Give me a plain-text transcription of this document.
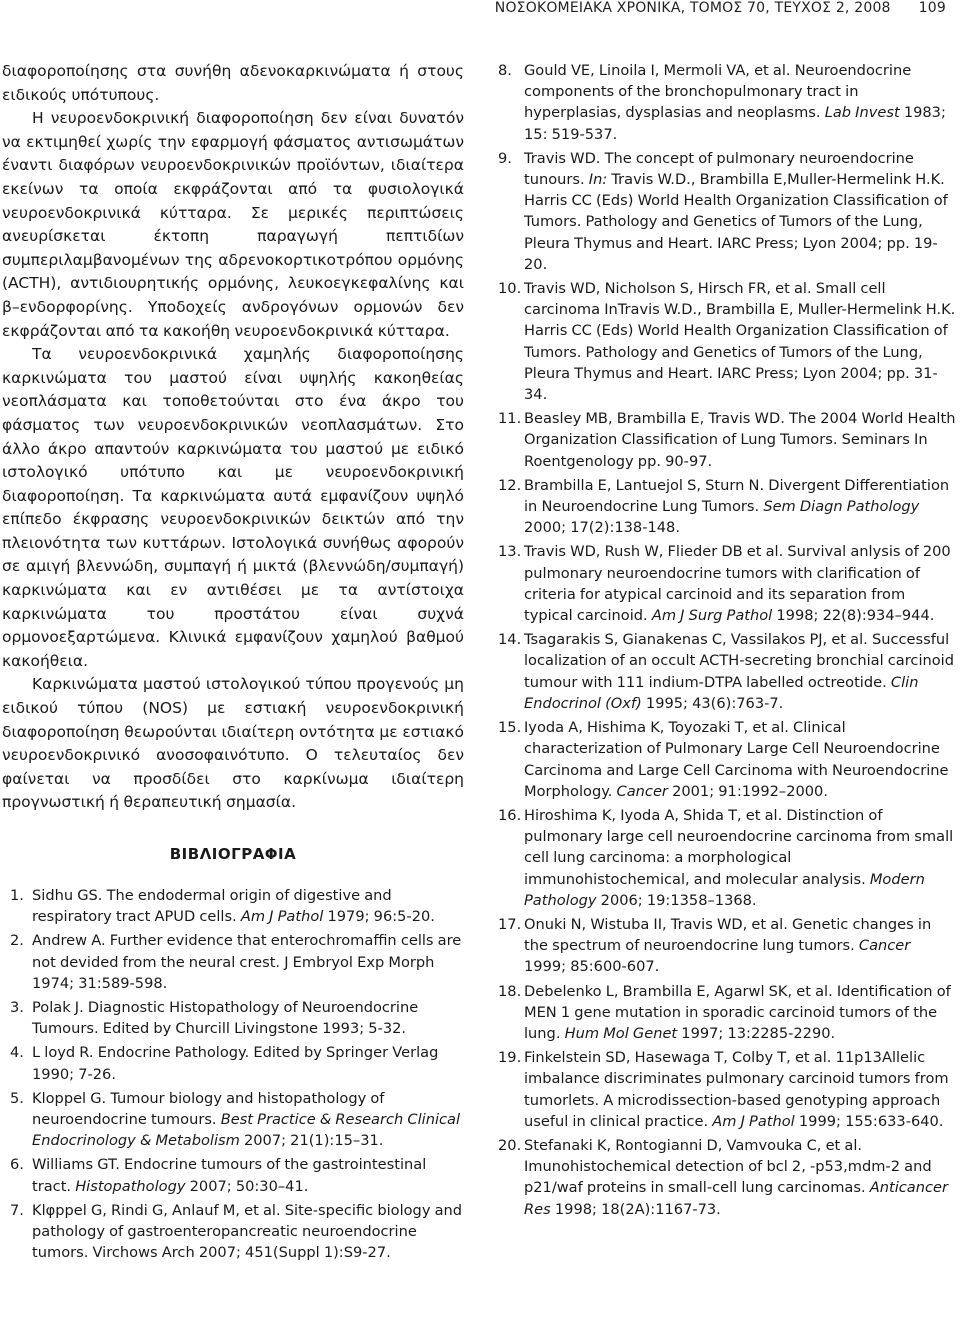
ΝΟΣΟΚΟΜΕΙΑΚΑ ΧΡΟΝΙΚΑ, ΤΟΜΟΣ 70, ΤΕΥΧΟΣ 2, 2008 109

διαφοροποίησης στα συνήθη αδενοκαρκινώματα ή στους ειδικούς υπότυπους.

Η νευροενδοκρινική διαφοροποίηση δεν είναι δυνατόν να εκτιμηθεί χωρίς την εφαρμογή φάσματος αντισωμάτων έναντι διαφόρων νευροενδοκρινικών προϊόντων, ιδιαίτερα εκείνων τα οποία εκφράζονται από τα φυσιολογικά νευροενδοκρινικά κύτταρα. Σε μερικές περιπτώσεις ανευρίσκεται έκτοπη παραγωγή πεπτιδίων συμπεριλαμβανομένων της αδρενοκορτικοτρόπου ορμόνης (ACTH), αντιδιουρητικής ορμόνης, λευκοεγκεφαλίνης και β–ενδορφορίνης. Υποδοχείς ανδρογόνων ορμονών δεν εκφράζονται από τα κακοήθη νευροενδοκρινικά κύτταρα.

Τα νευροενδοκρινικά χαμηλής διαφοροποίησης καρκινώματα του μαστού είναι υψηλής κακοηθείας νεοπλάσματα και τοποθετούνται στο ένα άκρο του φάσματος των νευροενδοκρινικών νεοπλασμάτων. Στο άλλο άκρο απαντούν καρκινώματα του μαστού με ειδικό ιστολογικό υπότυπο και με νευροενδοκρινική διαφοροποίηση. Τα καρκινώματα αυτά εμφανίζουν υψηλό επίπεδο έκφρασης νευροενδοκρινικών δεικτών από την πλειονότητα των κυττάρων. Ιστολογικά συνήθως αφορούν σε αμιγή βλεννώδη, συμπαγή ή μικτά (βλεννώδη/συμπαγή) καρκινώματα και εν αντιθέσει με τα αντίστοιχα καρκινώματα του προστάτου είναι συχνά ορμονοεξαρτώμενα. Κλινικά εμφανίζουν χαμηλού βαθμού κακοήθεια.

Καρκινώματα μαστού ιστολογικού τύπου προγενούς μη ειδικού τύπου (NOS) με εστιακή νευροενδοκρινική διαφοροποίηση θεωρούνται ιδιαίτερη οντότητα με εστιακό νευροενδοκρινικό ανοσοφαινότυπο. Ο τελευταίος δεν φαίνεται να προσδίδει στο καρκίνωμα ιδιαίτερη προγνωστική ή θεραπευτική σημασία.

ΒΙΒΛΙΟΓΡΑΦΙΑ
1. Sidhu GS. The endodermal origin of digestive and respiratory tract APUD cells. Am J Pathol 1979; 96:5-20.
2. Andrew A. Further evidence that enterochromaffin cells are not devided from the neural crest. J Embryol Exp Morph 1974; 31:589-598.
3. Polak J. Diagnostic Histopathology of Neuroendocrine Tumours. Edited by Churcill Livingstone 1993; 5-32.
4. L loyd R. Endocrine Pathology. Edited by Springer Verlag 1990; 7-26.
5. Kloppel G. Tumour biology and histopathology of neuroendocrine tumours. Best Practice & Research Clinical Endocrinology & Metabolism 2007; 21(1):15–31.
6. Williams GT. Endocrine tumours of the gastrointestinal tract. Histopathology 2007; 50:30–41.
7. Klφppel G, Rindi G, Anlauf M, et al. Site-specific biology and pathology of gastroenteropancreatic neuroendocrine tumors. Virchows Arch 2007; 451(Suppl 1):S9-27.
8. Gould VE, Linoila I, Mermoli VA, et al. Neuroendocrine components of the bronchopulmonary tract in hyperplasias, dysplasias and neoplasms. Lab Invest 1983; 15: 519-537.
9. Travis WD. The concept of pulmonary neuroendocrine tunours. In: Travis W.D., Brambilla E,Muller-Hermelink H.K. Harris CC (Eds) World Health Organization Classification of Tumors. Pathology and Genetics of Tumors of the Lung, Pleura Thymus and Heart. IARC Press; Lyon 2004; pp. 19-20.
10. Travis WD, Nicholson S, Hirsch FR, et al. Small cell carcinoma InTravis W.D., Brambilla E, Muller-Hermelink H.K. Harris CC (Eds) World Health Organization Classification of Tumors. Pathology and Genetics of Tumors of the Lung, Pleura Thymus and Heart. IARC Press; Lyon 2004; pp. 31-34.
11. Beasley MB, Brambilla E, Travis WD. The 2004 World Health Organization Classification of Lung Tumors. Seminars In Roentgenology pp. 90-97.
12. Brambilla E, Lantuejol S, Sturn N. Divergent Differentiation in Neuroendocrine Lung Tumors. Sem Diagn Pathology 2000; 17(2):138-148.
13. Travis WD, Rush W, Flieder DB et al. Survival anlysis of 200 pulmonary neuroendocrine tumors with clarification of criteria for atypical carcinoid and its separation from typical carcinoid. Am J Surg Pathol 1998; 22(8):934–944.
14. Tsagarakis S, Gianakenas C, Vassilakos PJ, et al. Successful localization of an occult ACTH-secreting bronchial carcinoid tumour with 111 indium-DTPA labelled octreotide. Clin Endocrinol (Oxf) 1995; 43(6):763-7.
15. Iyoda A, Hishima K, Toyozaki T, et al. Clinical characterization of Pulmonary Large Cell Neuroendocrine Carcinoma and Large Cell Carcinoma with Neuroendocrine Morphology. Cancer 2001; 91:1992–2000.
16. Hiroshima K, Iyoda A, Shida T, et al. Distinction of pulmonary large cell neuroendocrine carcinoma from small cell lung carcinoma: a morphological immunohistochemical, and molecular analysis. Modern Pathology 2006; 19:1358–1368.
17. Onuki N, Wistuba II, Travis WD, et al. Genetic changes in the spectrum of neuroendocrine lung tumors. Cancer 1999; 85:600-607.
18. Debelenko L, Brambilla E, Agarwl SK, et al. Identification of MEN 1 gene mutation in sporadic carcinoid tumors of the lung. Hum Mol Genet 1997; 13:2285-2290.
19. Finkelstein SD, Hasewaga T, Colby T, et al. 11p13Allelic imbalance discriminates pulmonary carcinoid tumors from tumorlets. A microdissection-based genotyping approach useful in clinical practice. Am J Pathol 1999; 155:633-640.
20. Stefanaki K, Rontogianni D, Vamvouka C, et al. Imunohistochemical detection of bcl 2, -p53,mdm-2 and p21/waf proteins in small-cell lung carcinomas. Anticancer Res 1998; 18(2A):1167-73.
